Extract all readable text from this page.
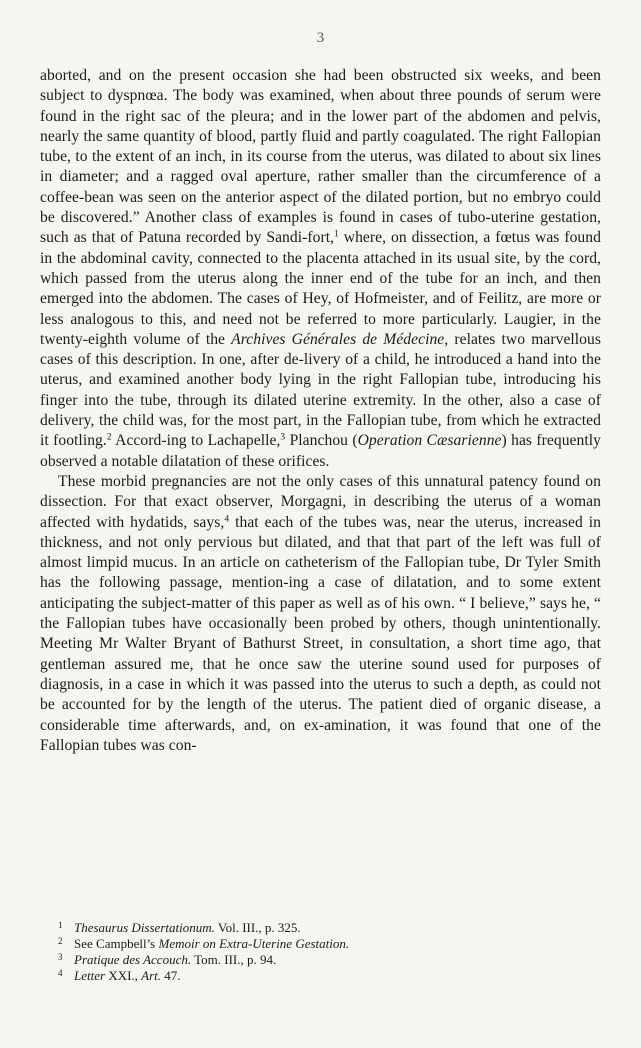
3

aborted, and on the present occasion she had been obstructed six weeks, and been subject to dyspnœa. The body was examined, when about three pounds of serum were found in the right sac of the pleura; and in the lower part of the abdomen and pelvis, nearly the same quantity of blood, partly fluid and partly coagulated. The right Fallopian tube, to the extent of an inch, in its course from the uterus, was dilated to about six lines in diameter; and a ragged oval aperture, rather smaller than the circumference of a coffee-bean was seen on the anterior aspect of the dilated portion, but no embryo could be discovered.” Another class of examples is found in cases of tubo-uterine gestation, such as that of Patuna recorded by Sandi-fort,$^1$ where, on dissection, a fœtus was found in the abdominal cavity, connected to the placenta attached in its usual site, by the cord, which passed from the uterus along the inner end of the tube for an inch, and then emerged into the abdomen. The cases of Hey, of Hofmeister, and of Feilitz, are more or less analogous to this, and need not be referred to more particularly. Laugier, in the twenty-eighth volume of the Archives Générales de Médecine, relates two marvellous cases of this description. In one, after de-livery of a child, he introduced a hand into the uterus, and examined another body lying in the right Fallopian tube, introducing his finger into the tube, through its dilated uterine extremity. In the other, also a case of delivery, the child was, for the most part, in the Fallopian tube, from which he extracted it footling.$^2$ Accord-ing to Lachapelle,$^3$ Planchou (Operation Cæsarienne) has frequently observed a notable dilatation of these orifices.

These morbid pregnancies are not the only cases of this unnatural patency found on dissection. For that exact observer, Morgagni, in describing the uterus of a woman affected with hydatids, says,$^4$ that each of the tubes was, near the uterus, increased in thickness, and not only pervious but dilated, and that that part of the left was full of almost limpid mucus. In an article on catheterism of the Fallopian tube, Dr Tyler Smith has the following passage, mention-ing a case of dilatation, and to some extent anticipating the subject-matter of this paper as well as of his own. “ I believe,” says he, “ the Fallopian tubes have occasionally been probed by others, though unintentionally. Meeting Mr Walter Bryant of Bathurst Street, in consultation, a short time ago, that gentleman assured me, that he once saw the uterine sound used for purposes of diagnosis, in a case in which it was passed into the uterus to such a depth, as could not be accounted for by the length of the uterus. The patient died of organic disease, a considerable time afterwards, and, on ex-amination, it was found that one of the Fallopian tubes was con-

1 Thesaurus Dissertationum. Vol. III., p. 325.
2 See Campbell’s Memoir on Extra-Uterine Gestation.
3 Pratique des Accouch. Tom. III., p. 94.
4 Letter XXI., Art. 47.
